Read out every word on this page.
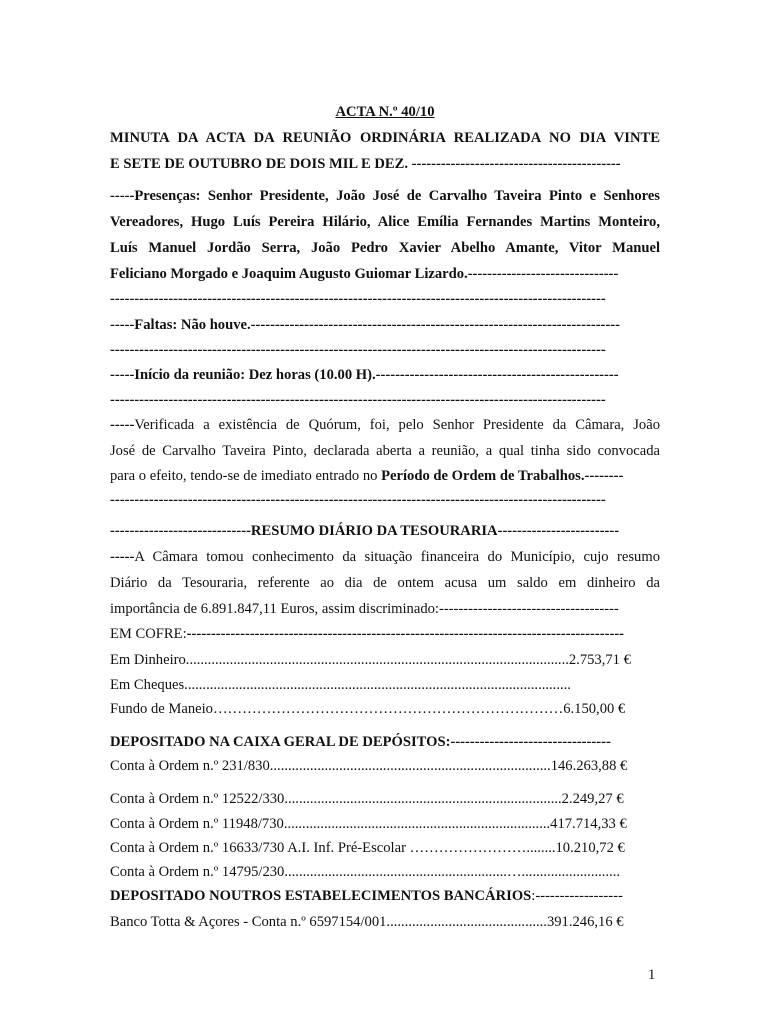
ACTA N.º 40/10
MINUTA DA ACTA DA REUNIÃO ORDINÁRIA REALIZADA NO DIA VINTE
E SETE DE OUTUBRO DE DOIS MIL E DEZ. -------------------------------------------
-----Presenças: Senhor Presidente, João José de Carvalho Taveira Pinto e Senhores
Vereadores, Hugo Luís Pereira Hilário, Alice Emília Fernandes Martins Monteiro,
Luís Manuel Jordão Serra, João Pedro Xavier Abelho Amante, Vitor Manuel
Feliciano Morgado e Joaquim Augusto Guiomar Lizardo.-------------------------------
------------------------------------------------------------------------------------------------------
-----Faltas: Não houve.----------------------------------------------------------------------------
------------------------------------------------------------------------------------------------------
-----Início da reunião: Dez horas (10.00 H).--------------------------------------------------
------------------------------------------------------------------------------------------------------
-----Verificada a existência de Quórum, foi, pelo Senhor Presidente da Câmara, João
José de Carvalho Taveira Pinto, declarada aberta a reunião, a qual tinha sido convocada
para o efeito, tendo-se de imediato entrado no Período de Ordem de Trabalhos.--------
------------------------------------------------------------------------------------------------------
-----------------------------RESUMO DIÁRIO DA TESOURARIA-------------------------
-----A Câmara tomou conhecimento da situação financeira do Município, cujo resumo
Diário da Tesouraria, referente ao dia de ontem acusa um saldo em dinheiro da
importância de 6.891.847,11 Euros, assim discriminado:-------------------------------------
EM COFRE:------------------------------------------------------------------------------------------
Em Dinheiro.........................................................................................................2.753,71 €
Em Cheques..........................................................................................................
Fundo de Maneio………………………………………………………………6.150,00 €
DEPOSITADO NA CAIXA GERAL DE DEPÓSITOS:---------------------------------
Conta à Ordem n.º 231/830.............................................................................146.263,88 €
Conta à Ordem n.º 12522/330............................................................................2.249,27 €
Conta à Ordem n.º 11948/730.........................................................................417.714,33 €
Conta à Ordem n.º 16633/730 A.I. Inf. Pré-Escolar ……………………........10.210,72 €
Conta à Ordem n.º 14795/230.............................................................…...........................
DEPOSITADO NOUTROS ESTABELECIMENTOS BANCÁRIOS:------------------
Banco Totta & Açores - Conta n.º 6597154/001............................................391.246,16 €
1
